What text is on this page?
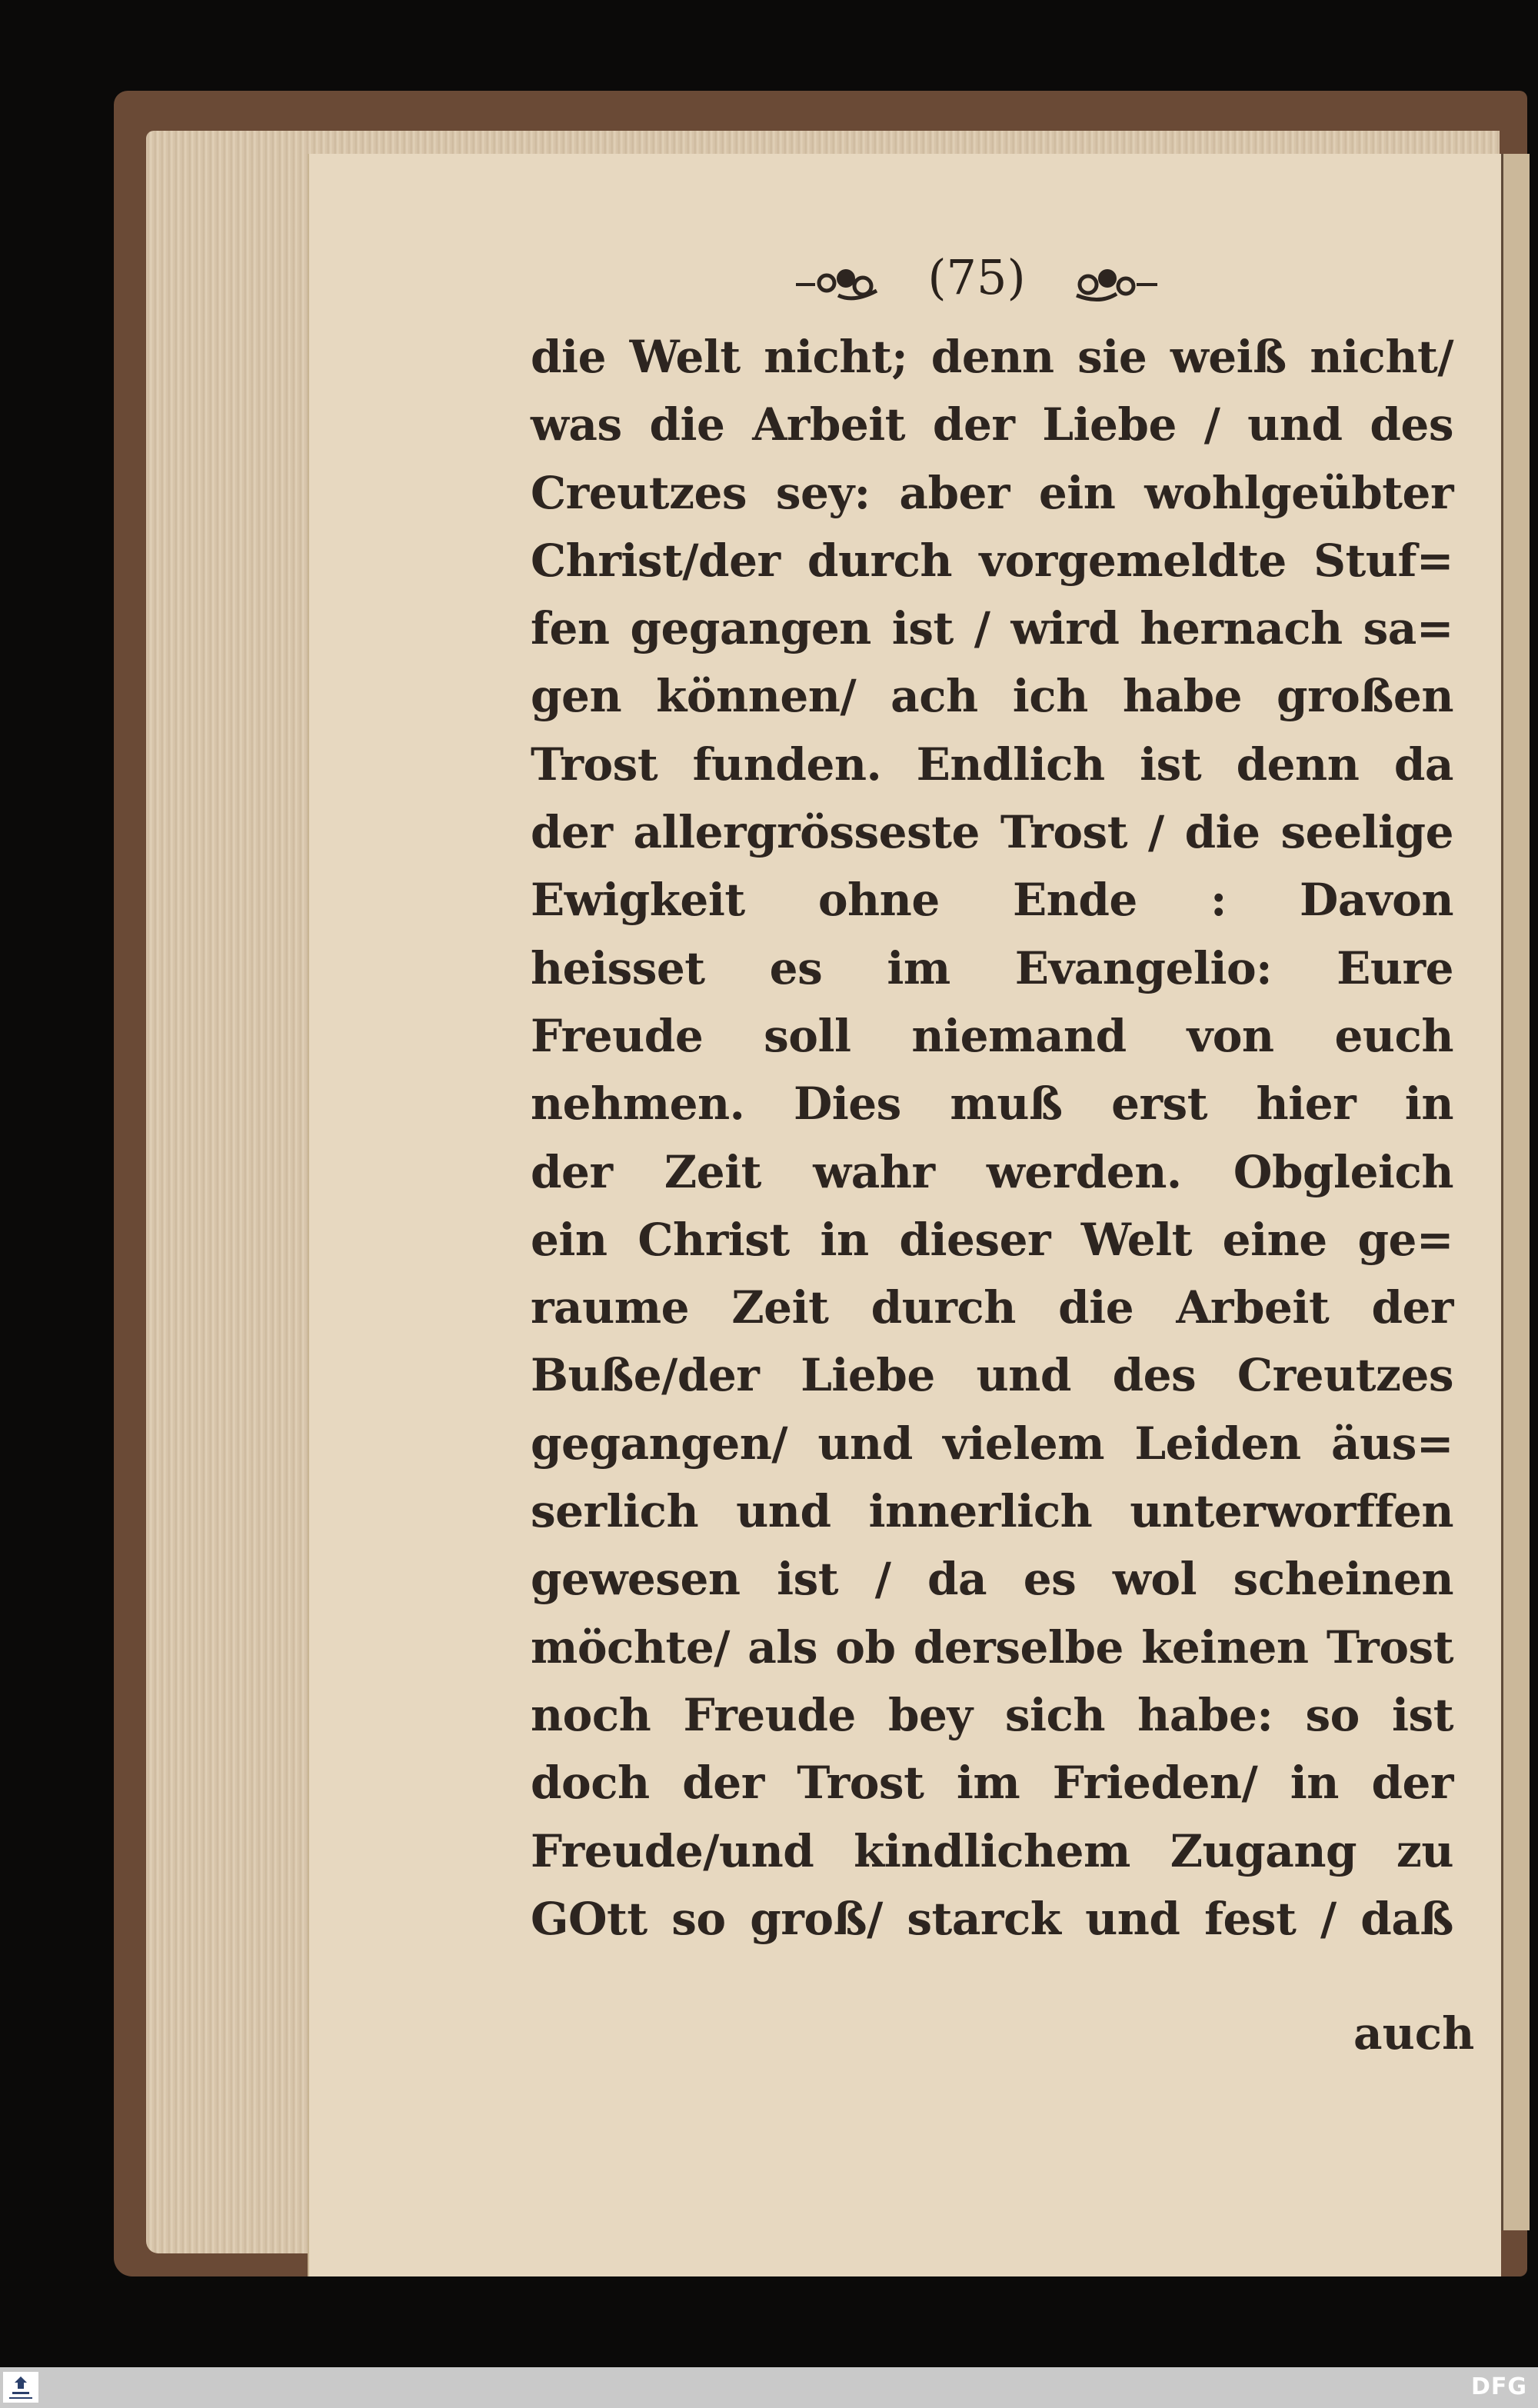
(75)
die Welt nicht; denn sie weiß nicht/
was die Arbeit der Liebe / und des
Creutzes sey: aber ein wohlgeübter
Christ/der durch vorgemeldte Stuf=
fen gegangen ist / wird hernach sa=
gen können/ ach ich habe großen
Trost funden. Endlich ist denn da
der allergrösseste Trost / die seelige
Ewigkeit ohne Ende : Davon
heisset es im Evangelio: Eure
Freude soll niemand von euch
nehmen. Dies muß erst hier in
der Zeit wahr werden. Obgleich
ein Christ in dieser Welt eine ge=
raume Zeit durch die Arbeit der
Buße/der Liebe und des Creutzes
gegangen/ und vielem Leiden äus=
serlich und innerlich unterworffen
gewesen ist / da es wol scheinen
möchte/ als ob derselbe keinen Trost
noch Freude bey sich habe: so ist
doch der Trost im Frieden/ in der
Freude/und kindlichem Zugang zu
GOtt so groß/ starck und fest / daß
auch
DFG
